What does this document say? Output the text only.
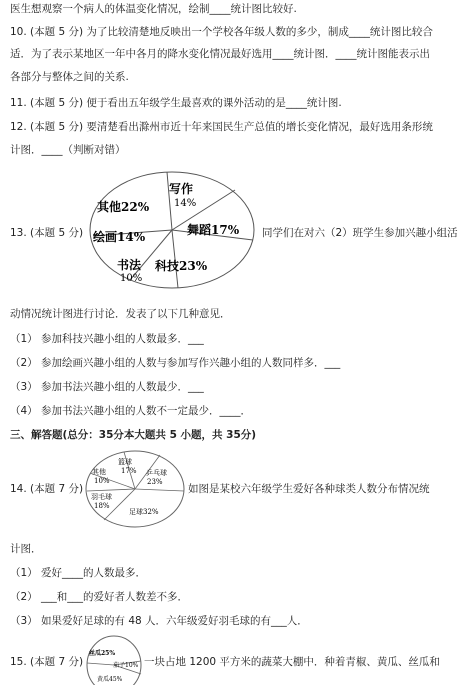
医生想观察一个病人的体温变化情况，绘制____统计图比较好.
10. (本题 5 分) 为了比较清楚地反映出一个学校各年级人数的多少，制成____统计图比较合
适．为了表示某地区一年中各月的降水变化情况最好选用____统计图．____统计图能表示出
各部分与整体之间的关系.
11. (本题 5 分) 便于看出五年级学生最喜欢的课外活动的是____统计图.
12. (本题 5 分) 要清楚看出滁州市近十年来国民生产总值的增长变化情况，最好选用条形统
计图．____（判断对错）
13. (本题 5 分)
写作
14%
其他22%
舞蹈17%
绘画14%
书法
10%
科技23%
同学们在对六（2）班学生参加兴趣小组活
动情况统计图进行讨论．发表了以下几种意见．
（1） 参加科技兴趣小组的人数最多．___
（2） 参加绘画兴趣小组的人数与参加写作兴趣小组的人数同样多．___
（3） 参加书法兴趣小组的人数最少．___
（4） 参加书法兴趣小组的人数不一定最少．____．
三、解答题(总分：35分本大题共 5 小题，共 35分)
14. (本题 7 分)
篮球
17% 乒乓球
23%
其他
10%
羽毛球
18%
足球32%
如图是某校六年级学生爱好各种球类人数分布情况统
计图．
（1） 爱好____的人数最多．
（2） ___和___的爱好者人数差不多．
（3） 如果爱好足球的有 48 人．六年级爱好羽毛球的有___人．
15. (本题 7 分)
丝瓜25%
茄子10%
黄瓜45%
一块占地 1200 平方米的蔬菜大棚中．种着青椒、黄瓜、丝瓜和
